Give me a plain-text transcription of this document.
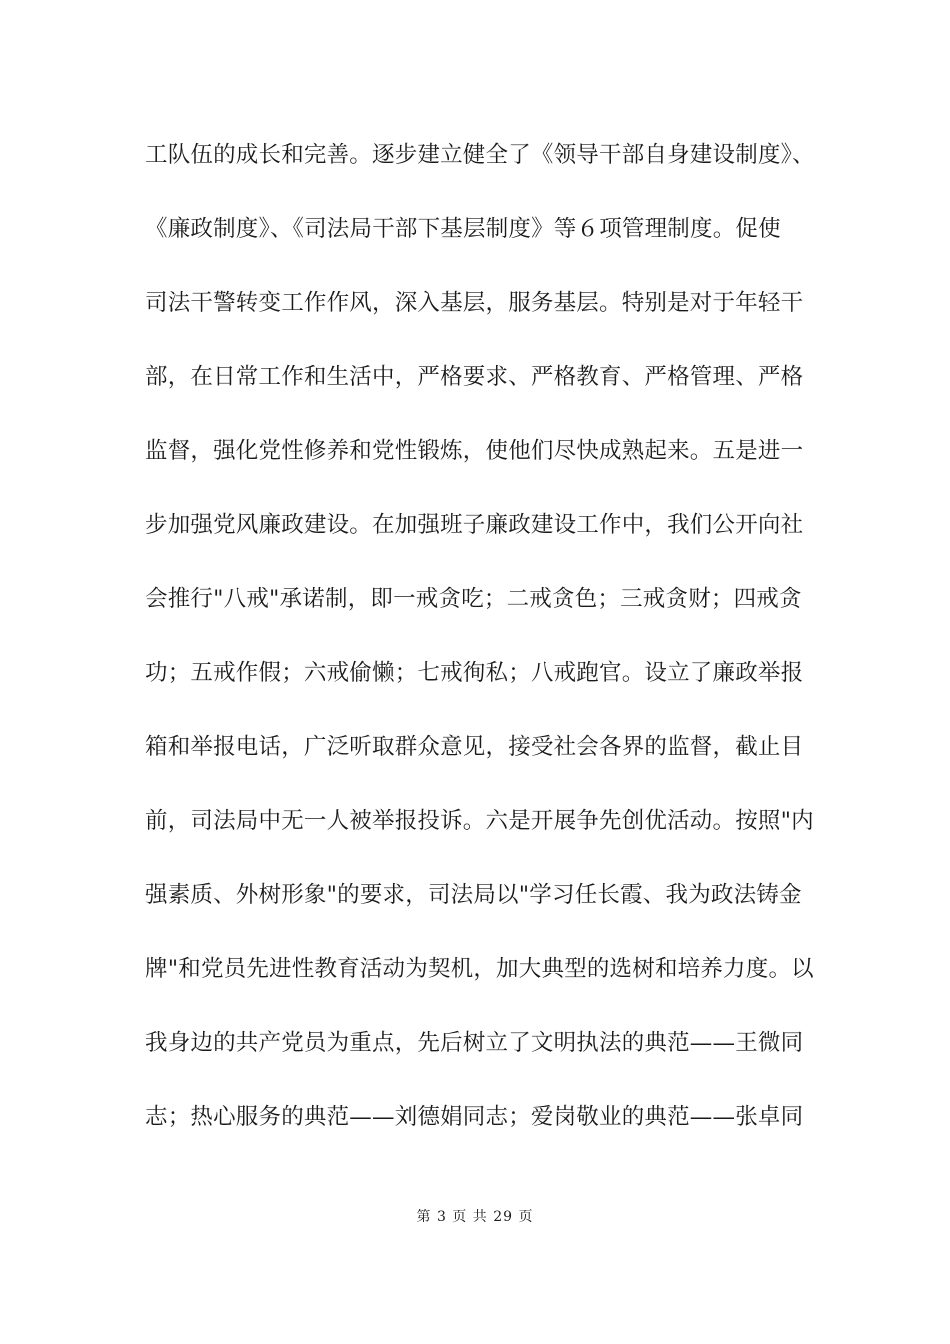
工队伍的成长和完善。逐步建立健全了《领导干部自身建设制度》、
《廉政制度》、《司法局干部下基层制度》等６项管理制度。促使
司法干警转变工作作风，深入基层，服务基层。特别是对于年轻干
部，在日常工作和生活中，严格要求、严格教育、严格管理、严格
监督，强化党性修养和党性锻炼，使他们尽快成熟起来。五是进一
步加强党风廉政建设。在加强班子廉政建设工作中，我们公开向社
会推行"八戒"承诺制，即一戒贪吃；二戒贪色；三戒贪财；四戒贪
功；五戒作假；六戒偷懒；七戒徇私；八戒跑官。设立了廉政举报
箱和举报电话，广泛听取群众意见，接受社会各界的监督，截止目
前，司法局中无一人被举报投诉。六是开展争先创优活动。按照"内
强素质、外树形象"的要求，司法局以"学习任长霞、我为政法铸金
牌"和党员先进性教育活动为契机，加大典型的选树和培养力度。以
我身边的共产党员为重点，先后树立了文明执法的典范——王微同
志；热心服务的典范——刘德娟同志；爱岗敬业的典范——张卓同
第 3 页 共 29 页
